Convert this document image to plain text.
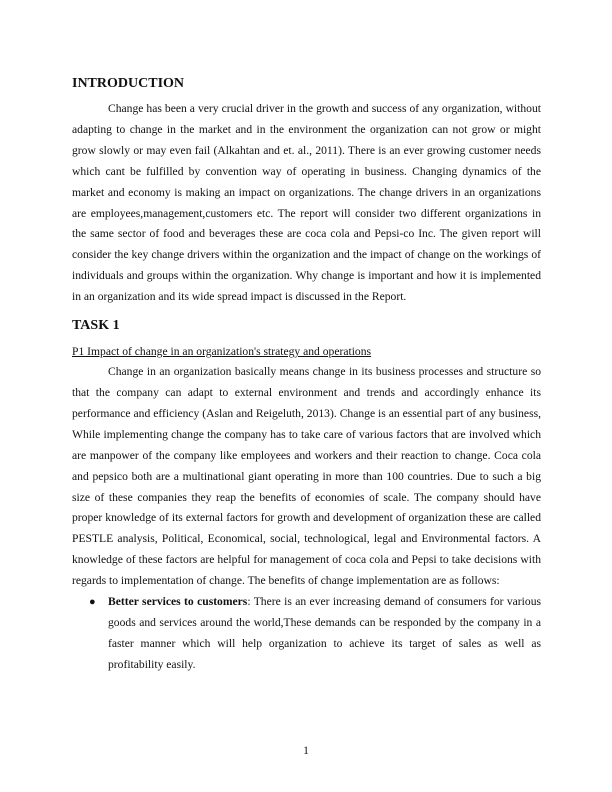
INTRODUCTION

Change has been a very crucial driver in the growth and success of any organization, without adapting to change in the market and in the environment the organization can not grow or might grow slowly or may even fail (Alkahtan and et. al., 2011). There is an ever growing customer needs which cant be fulfilled by convention way of operating in business. Changing dynamics of the market and economy is making an impact on organizations. The change drivers in an organizations are employees,management,customers etc. The report will consider two different organizations in the same sector of food and beverages these are coca cola and Pepsi-co Inc. The given report will consider the key change drivers within the organization and the impact of change on the workings of individuals and groups within the organization. Why change is important and how it is implemented in an organization and its wide spread impact is discussed in the Report.

TASK 1
P1 Impact of change in an organization's strategy and operations

Change in an organization basically means change in its business processes and structure so that the company can adapt to external environment and trends and accordingly enhance its performance and efficiency (Aslan and Reigeluth, 2013). Change is an essential part of any business, While implementing change the company has to take care of various factors that are involved which are manpower of the company like employees and workers and their reaction to change. Coca cola and pepsico both are a multinational giant operating in more than 100 countries. Due to such a big size of these companies they reap the benefits of economies of scale. The company should have proper knowledge of its external factors for growth and development of organization these are called PESTLE analysis, Political, Economical, social, technological, legal and Environmental factors. A knowledge of these factors are helpful for management of coca cola and Pepsi to take decisions with regards to implementation of change. The benefits of change implementation are as follows:

● Better services to customers: There is an ever increasing demand of consumers for various goods and services around the world,These demands can be responded by the company in a faster manner which will help organization to achieve its target of sales as well as profitability easily.
1
